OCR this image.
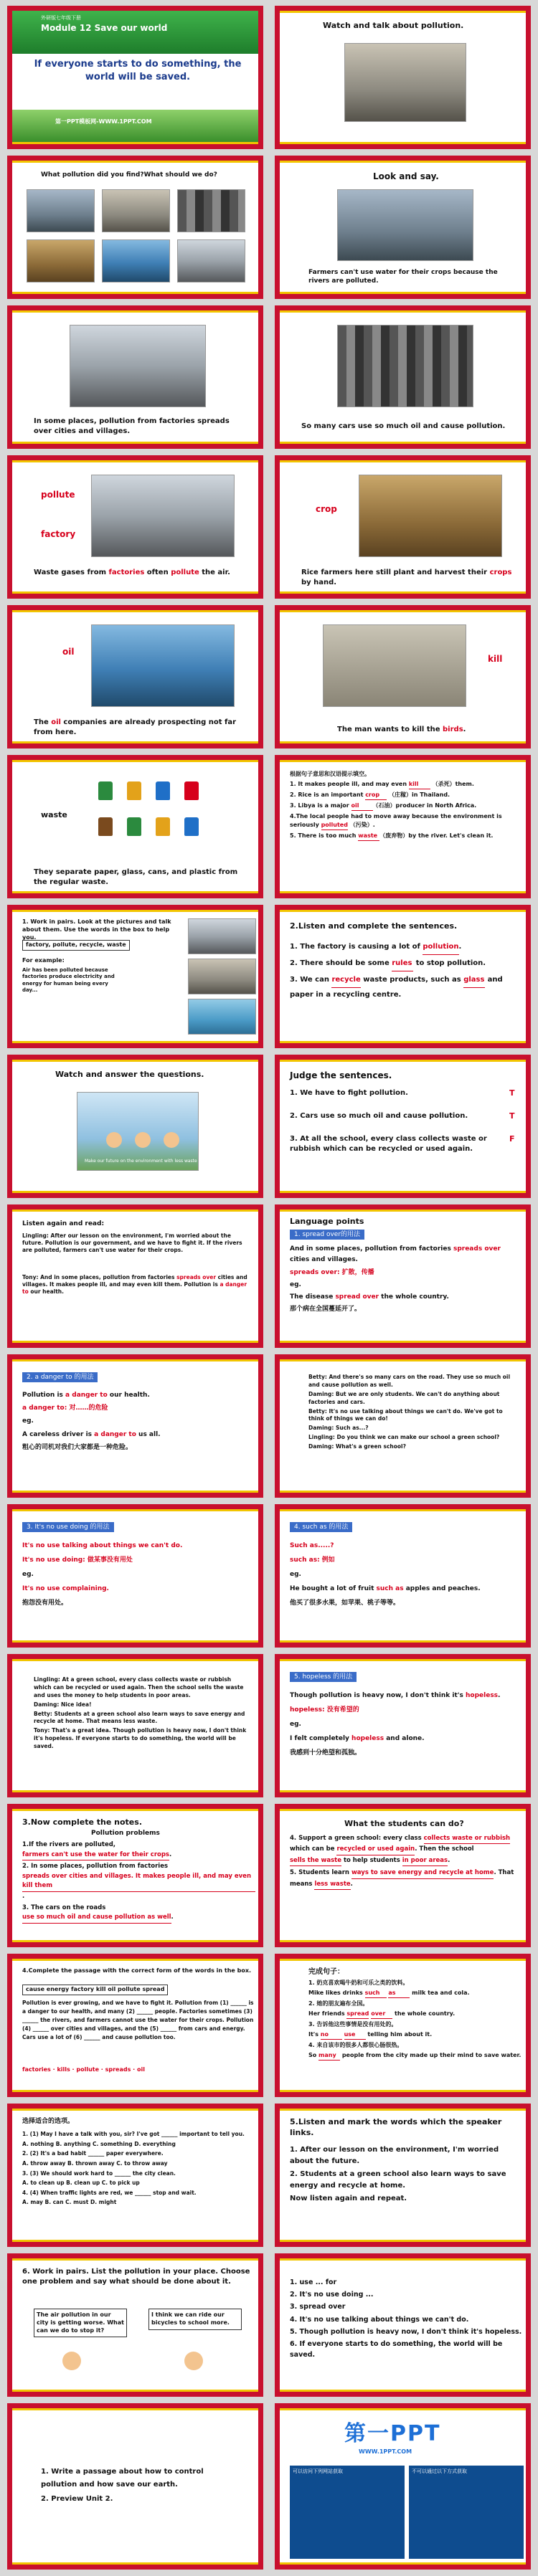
外研版七年级下册
Module 12 Save our world
If everyone starts to do something, the world will be saved.
第一PPT模板网-WWW.1PPT.COM
Watch and talk about pollution.
What pollution did you find?What should we do?	Look and say.
Farmers can't use water for their crops because the rivers are polluted.
In some places, pollution from factories spreads over cities and villages.
So many cars use so much oil and cause pollution.
pollute
factory
Waste gases from factories often pollute the air.
crop
Rice farmers here still plant and harvest their crops by hand.
oil
The oil companies are already prospecting not far from here.
kill
The man wants to kill the birds.
waste
They separate paper, glass, cans, and plastic from the regular waste.

根据句子意思和汉语提示填空。

1. It makes people ill, and may even kill （杀死）them.

2. Rice is an important crop （庄稼）in Thailand.

3. Libya is a major oil （石油）producer in North Africa.

4.The local people had to move away because the environment is seriously polluted （污染）.

5. There is too much waste （废弃物）by the river. Let's clean it.

1. Work in pairs. Look at the pictures and talk about them. Use the words in the box to help you.
factory, pollute, recycle, waste
For example:
Air has been polluted because factories produce electricity and energy for human being every day...
2.Listen and complete the sentences.

1. The factory is causing a lot of pollution.

2. There should be some rules to stop pollution.

3. We can recycle waste products, such as glass and paper in a recycling centre.

Watch and answer the questions.
Make our future on the environment with less waste
Judge the sentences.
1. We have to fight pollution.	T
2. Cars use so much oil and cause pollution.	T
3. At all the school, every class collects waste or rubbish which can be recycled or used again.
F
Listen again and read:
Lingling: After our lesson on the environment, I'm worried about the future. Pollution is our government, and we have to fight it. If the rivers are polluted, farmers can't use water for their crops.
Tony: And in some places, pollution from factories spreads over cities and villages. It makes people ill, and may even kill them. Pollution is a danger to our health.
Language points
1. spread over的用法

And in some places, pollution from factories spreads over cities and villages.

spreads over: 扩散，传播

eg.

The disease spread over the whole country.

那个病在全国蔓延开了。

2. a danger to 的用法

Pollution is a danger to our health.

a danger to: 对……的危险

eg.

A careless driver is a danger to us all.

粗心的司机对我们大家都是一种危险。

Betty: And there's so many cars on the road. They use so much oil and cause pollution as well.

Daming: But we are only students. We can't do anything about factories and cars.

Betty: It's no use talking about things we can't do. We've got to think of things we can do!

Daming: Such as...?

Lingling: Do you think we can make our school a green school?

Daming: What's a green school?

3. It's no use doing 的用法

It's no use talking about things we can't do.

It's no use doing: 做某事没有用处

eg.

It's no use complaining.

抱怨没有用处。

4. such as 的用法

Such as.....?

such as: 例如

eg.

He bought a lot of fruit such as apples and peaches.

他买了很多水果，如苹果、桃子等等。

Lingling: At a green school, every class collects waste or rubbish which can be recycled or used again. Then the school sells the waste and uses the money to help students in poor areas.

Daming: Nice idea!

Betty: Students at a green school also learn ways to save energy and recycle at home. That means less waste.

Tony: That's a great idea. Though pollution is heavy now, I don't think it's hopeless. If everyone starts to do something, the world will be saved.

5. hopeless 的用法

Though pollution is heavy now, I don't think it's hopeless.

hopeless: 没有希望的

eg.

I felt completely hopeless and alone.

我感到十分绝望和孤独。

3.Now complete the notes.
Pollution problems

1.If the rivers are polluted, farmers can't use the water for their crops.

2. In some places, pollution from factories spreads over cities and villages. It makes people ill, and may even kill them.

3. The cars on the roads use so much oil and cause pollution as well.

What the students can do?

4. Support a green school: every class collects waste or rubbish which can be recycled or used again. Then the school sells the waste to help students in poor areas.

5. Students learn ways to save energy and recycle at home. That means less waste.

4.Complete the passage with the correct form of the words in the box.
cause energy factory kill oil pollute spread
Pollution is ever growing, and we have to fight it. Pollution from (1) ______ is a danger to our health, and many (2) ______ people. Factories sometimes (3) ______ the rivers, and farmers cannot use the water for their crops. Pollution (4) ______ over cities and villages, and the (5) ______ from cars and energy. Cars use a lot of (6) ______ and cause pollution too.
factories · kills · pollute · spreads · oil
完成句子：

1. 奶克喜欢喝牛奶和可乐之类的饮料。

Mike likes drinks such as milk tea and cola.

2. 她的朋友遍布全国。

Her friends spread over the whole country.

3. 告诉他这些事情是没有用处的。

It's no	use telling him about it.

4. 来自该市的很多人都很心肠很热。

So many people from the city made up their mind to save water.

选择适合的选项。

1. (1) May I have a talk with you, sir? I've got ______ important to tell you.

A. nothing B. anything C. something D. everything

2. (2) It's a bad habit ______ paper everywhere.

A. throw away B. thrown away C. to throw away

3. (3) We should work hard to ______ the city clean.

A. to clean up B. clean up C. to pick up

4. (4) When traffic lights are red, we ______ stop and wait.

A. may B. can C. must D. might

5.Listen and mark the words which the speaker links.

1. After our lesson on the environment, I'm worried about the future.

2. Students at a green school also learn ways to save energy and recycle at home.

Now listen again and repeat.

6. Work in pairs. List the pollution in your place. Choose one problem and say what should be done about it.
The air pollution in our city is getting worse. What can we do to stop it?
I think we can ride our bicycles to school more.

1. use ... for

2. It's no use doing ...

3. spread over

4. It's no use talking about things we can't do.

5. Though pollution is heavy now, I don't think it's hopeless.

6. If everyone starts to do something, the world will be saved.

1. Write a passage about how to control pollution and how save our earth.

2. Preview Unit 2.

第一PPT
WWW.1PPT.COM
可以访问下列网站获取	不可以通过以下方式获取
